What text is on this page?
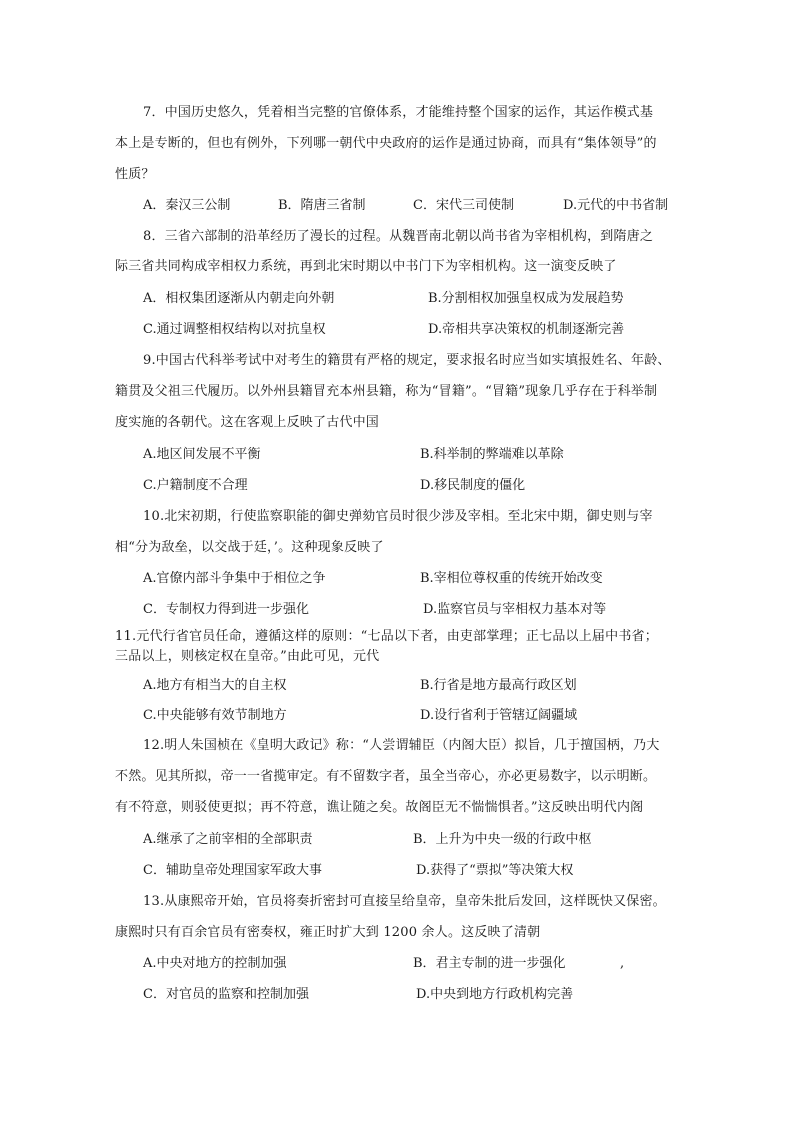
7．中国历史悠久，凭着相当完整的官僚体系，才能维持整个国家的运作，其运作模式基
本上是专断的，但也有例外，下列哪一朝代中央政府的运作是通过协商，而具有“集体领导”的
性质？
A．秦汉三公制	B．隋唐三省制	C．宋代三司使制	D.元代的中书省制
8．三省六部制的沿革经历了漫长的过程。从魏晋南北朝以尚书省为宰相机构，到隋唐之
际三省共同构成宰相权力系统，再到北宋时期以中书门下为宰相机构。这一演变反映了
A．相权集团逐渐从内朝走向外朝	B.分割相权加强皇权成为发展趋势
C.通过调整相权结构以对抗皇权	D.帝相共享决策权的机制逐渐完善
9.中国古代科举考试中对考生的籍贯有严格的规定，要求报名时应当如实填报姓名、年龄、
籍贯及父祖三代履历。以外州县籍冒充本州县籍，称为“冒籍”。“冒籍”现象几乎存在于科举制
度实施的各朝代。这在客观上反映了古代中国
A.地区间发展不平衡	B.科举制的弊端难以革除
C.户籍制度不合理	D.移民制度的僵化
10.北宋初期，行使监察职能的御史弹劾官员时很少涉及宰相。至北宋中期，御史则与宰
相“分为敌垒，以交战于廷，’。这种现象反映了
A.官僚内部斗争集中于相位之争	B.宰相位尊权重的传统开始改变
C．专制权力得到进一步强化	D.监察官员与宰相权力基本对等
11.元代行省官员任命，遵循这样的原则：“七品以下者，由吏部掌理；正七品以上届中书省；
三品以上，则核定权在皇帝。”由此可见，元代
A.地方有相当大的自主权	B.行省是地方最高行政区划
C.中央能够有效节制地方	D.设行省利于管辖辽阔疆域
12.明人朱国桢在《皇明大政记》称：“人尝谓辅臣（内阁大臣）拟旨，几于擅国柄，乃大
不然。见其所拟，帝一一省揽审定。有不留数字者，虽全当帝心，亦必更易数字，以示明断。
有不符意，则驳使更拟；再不符意，谯让随之矣。故阁臣无不惴惴惧者。”这反映出明代内阁
A.继承了之前宰相的全部职责	B．上升为中央一级的行政中枢
C．辅助皇帝处理国家军政大事	D.获得了“票拟”等决策大权
13.从康熙帝开始，官员将奏折密封可直接呈给皇帝，皇帝朱批后发回，这样既快又保密。
康熙时只有百余官员有密奏权，雍正时扩大到 1200 余人。这反映了清朝
A.中央对地方的控制加强	B．君主专制的进一步强化	,
C．对官员的监察和控制加强	D.中央到地方行政机构完善
